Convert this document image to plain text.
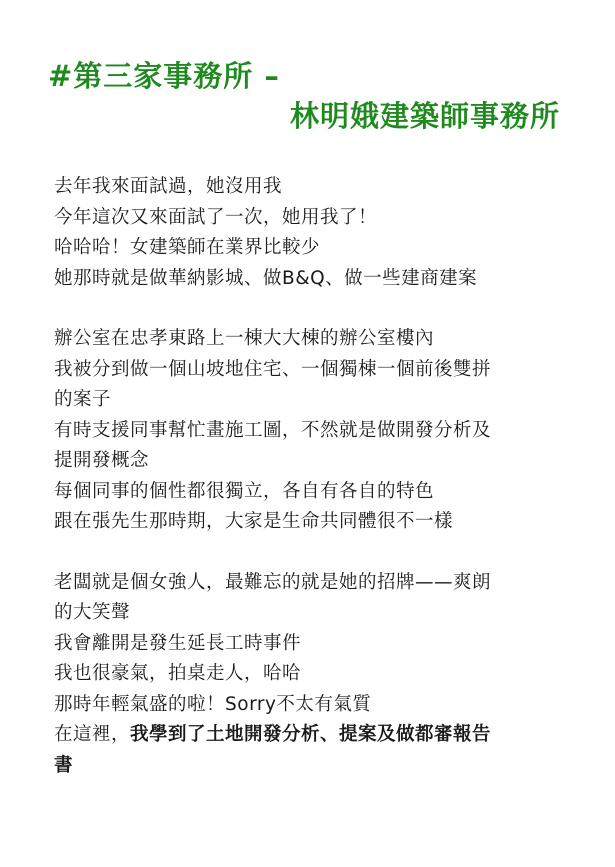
#第三家事務所 –
林明娥建築師事務所

去年我來面試過，她沒用我
今年這次又來面試了一次，她用我了！
哈哈哈！女建築師在業界比較少
她那時就是做華納影城、做B&Q、做一些建商建案

辦公室在忠孝東路上一棟大大棟的辦公室樓內
我被分到做一個山坡地住宅、一個獨棟一個前後雙拼
的案子
有時支援同事幫忙畫施工圖，不然就是做開發分析及
提開發概念
每個同事的個性都很獨立，各自有各自的特色
跟在張先生那時期，大家是生命共同體很不一樣

老闆就是個女強人，最難忘的就是她的招牌——爽朗
的大笑聲
我會離開是發生延長工時事件
我也很豪氣，拍桌走人，哈哈
那時年輕氣盛的啦！Sorry不太有氣質
在這裡，我學到了土地開發分析、提案及做都審報告
書
